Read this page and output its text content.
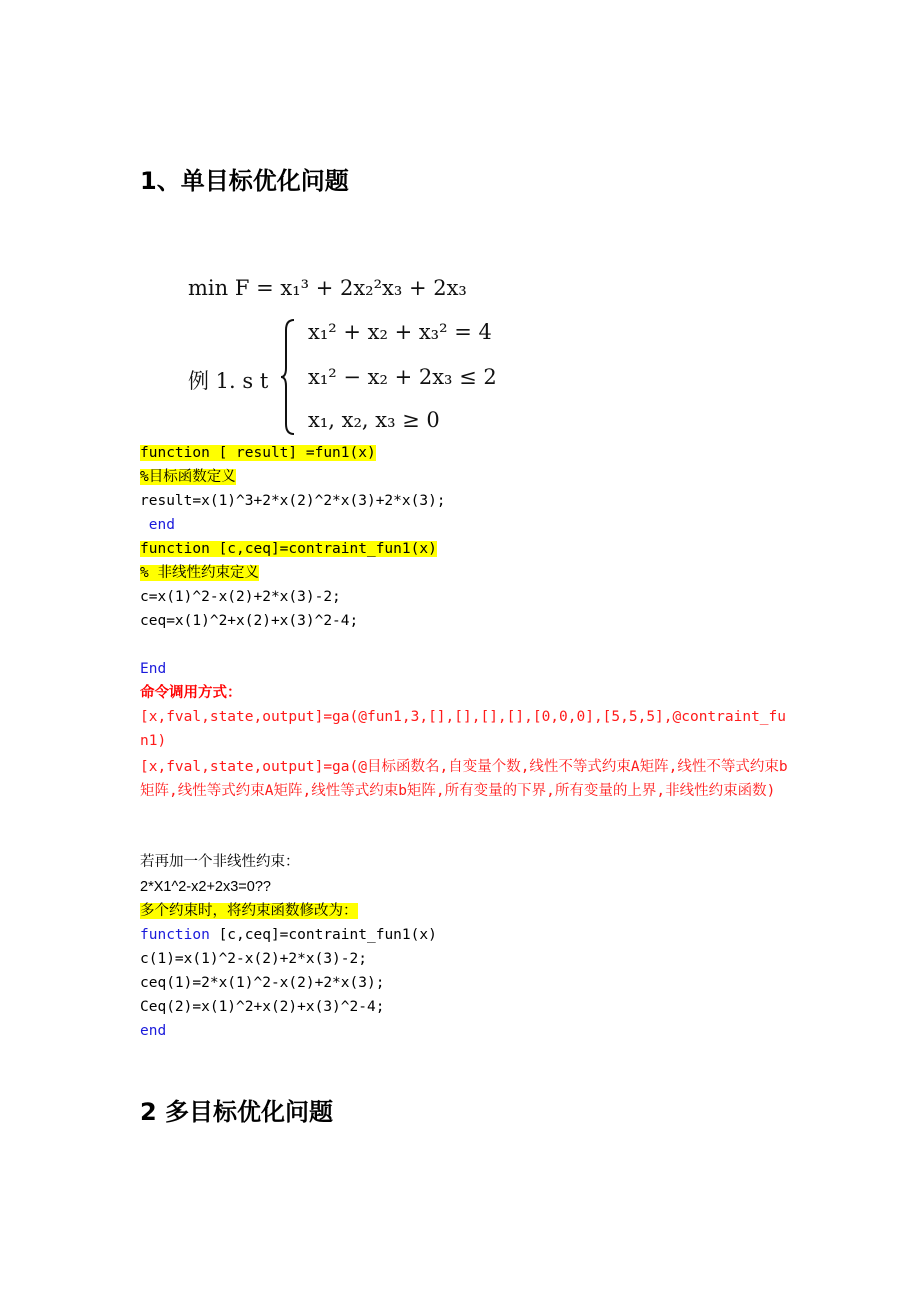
1、单目标优化问题
min F = x₁³ + 2x₂²x₃ + 2x₃
例 1. s t
x₁² + x₂ + x₃² = 4
x₁² − x₂ + 2x₃ ≤ 2
x₁, x₂, x₃ ≥ 0
function [ result] =fun1(x)
%目标函数定义
result=x(1)^3+2*x(2)^2*x(3)+2*x(3);
end
function [c,ceq]=contraint_fun1(x)
% 非线性约束定义
c=x(1)^2-x(2)+2*x(3)-2;
ceq=x(1)^2+x(2)+x(3)^2-4;
End
命令调用方式：
[x,fval,state,output]=ga(@fun1,3,[],[],[],[],[0,0,0],[5,5,5],@contraint_fun1)
[x,fval,state,output]=ga(@目标函数名,自变量个数,线性不等式约束A矩阵,线性不等式约束b矩阵,线性等式约束A矩阵,线性等式约束b矩阵,所有变量的下界,所有变量的上界,非线性约束函数)
若再加一个非线性约束：
2*X1^2-x2+2x3=0??
多个约束时，将约束函数修改为：
function [c,ceq]=contraint_fun1(x)
c(1)=x(1)^2-x(2)+2*x(3)-2;
ceq(1)=2*x(1)^2-x(2)+2*x(3);
Ceq(2)=x(1)^2+x(2)+x(3)^2-4;
end
2 多目标优化问题
